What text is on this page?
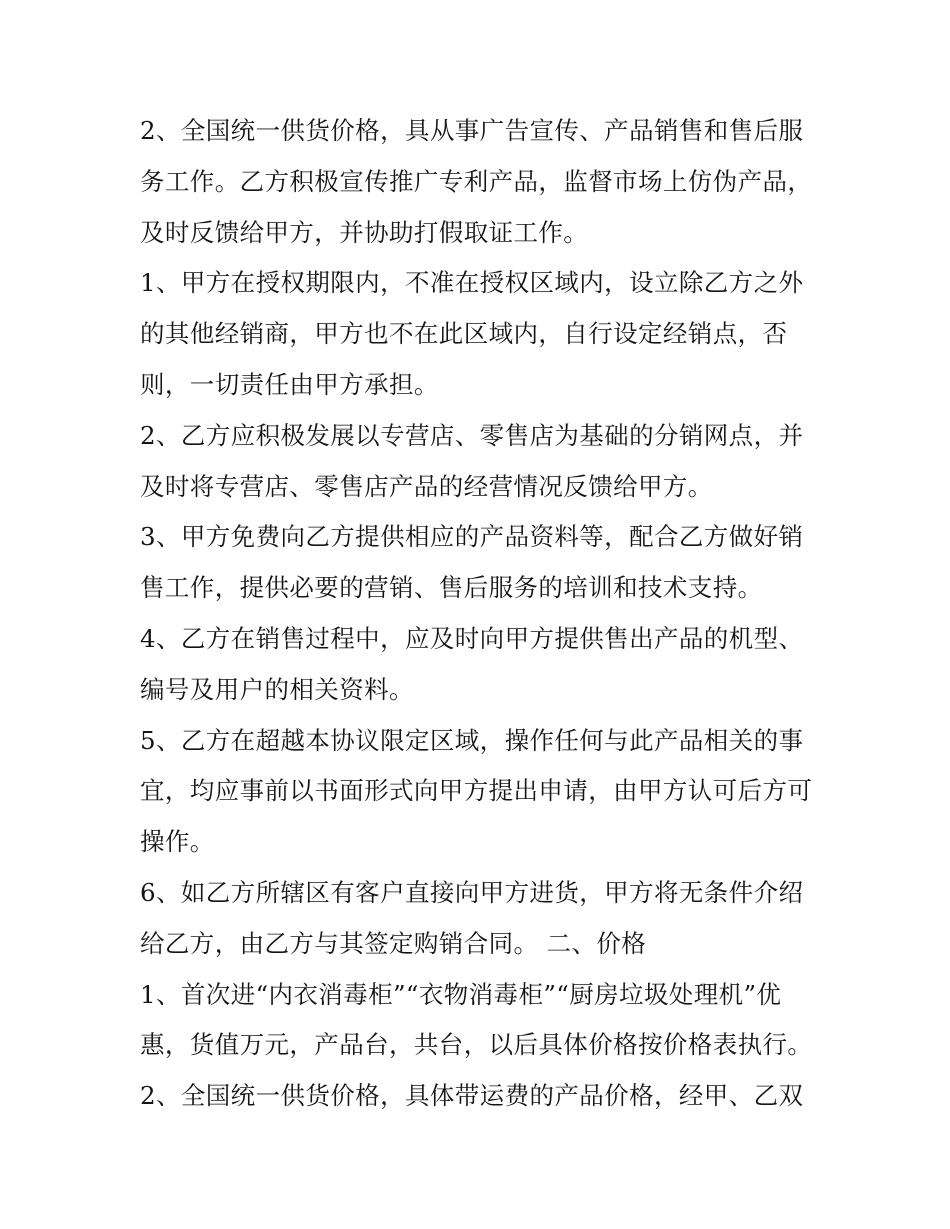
2、全国统一供货价格，具从事广告宣传、产品销售和售后服
务工作。乙方积极宣传推广专利产品，监督市场上仿伪产品，
及时反馈给甲方，并协助打假取证工作。
1、甲方在授权期限内，不准在授权区域内，设立除乙方之外
的其他经销商，甲方也不在此区域内，自行设定经销点，否
则，一切责任由甲方承担。
2、乙方应积极发展以专营店、零售店为基础的分销网点，并
及时将专营店、零售店产品的经营情况反馈给甲方。
3、甲方免费向乙方提供相应的产品资料等，配合乙方做好销
售工作，提供必要的营销、售后服务的培训和技术支持。
4、乙方在销售过程中，应及时向甲方提供售出产品的机型、
编号及用户的相关资料。
5、乙方在超越本协议限定区域，操作任何与此产品相关的事
宜，均应事前以书面形式向甲方提出申请，由甲方认可后方可
操作。
6、如乙方所辖区有客户直接向甲方进货，甲方将无条件介绍
给乙方，由乙方与其签定购销合同。 二、价格
1、首次进“内衣消毒柜”“衣物消毒柜”“厨房垃圾处理机”优
惠，货值万元，产品台，共台，以后具体价格按价格表执行。
2、全国统一供货价格，具体带运费的产品价格，经甲、乙双
